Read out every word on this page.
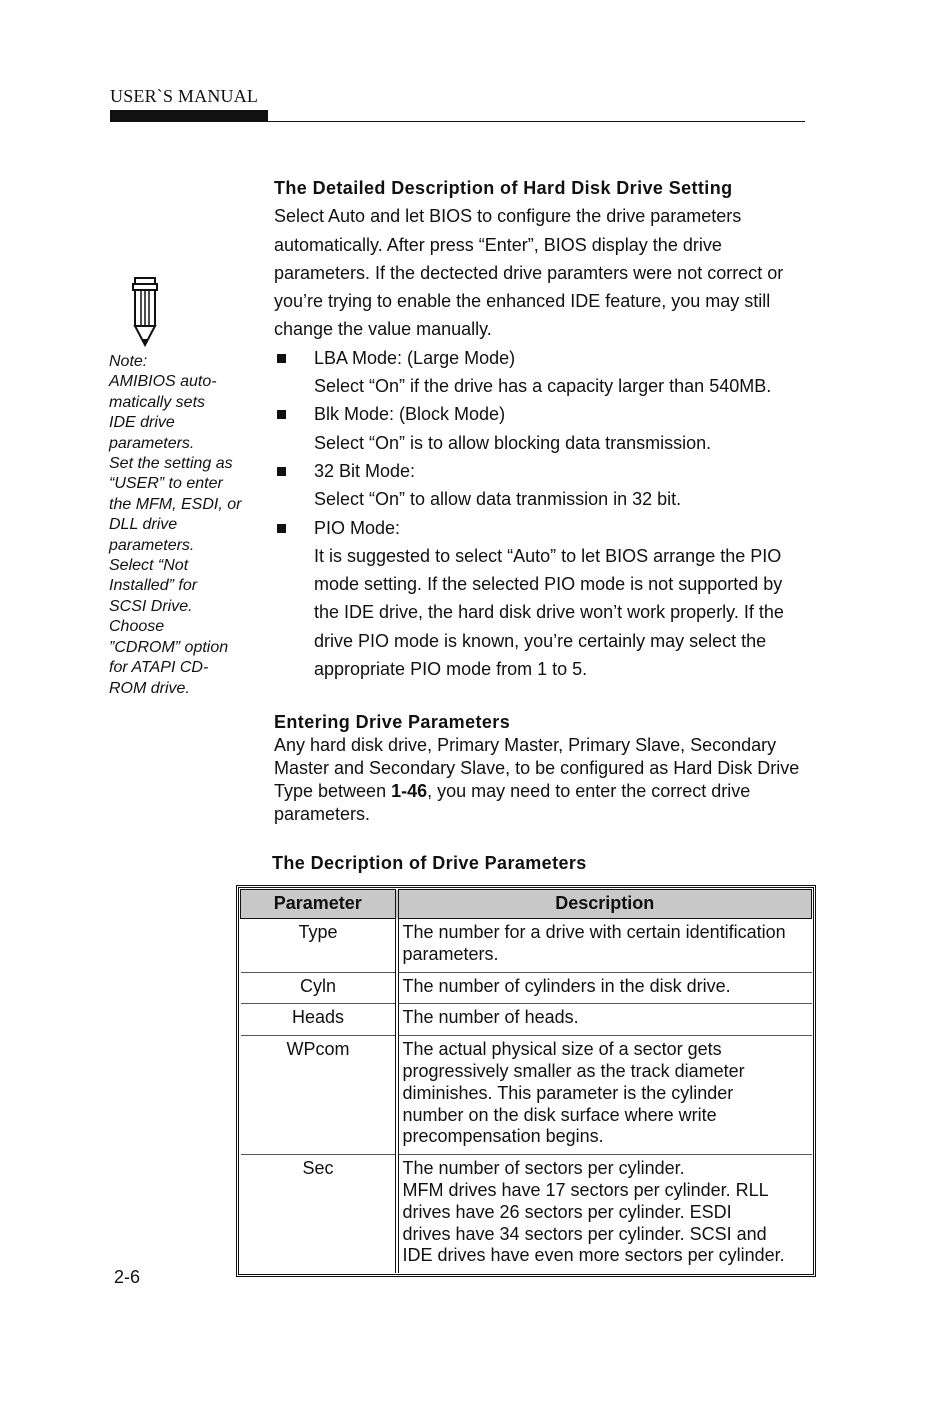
USER`S MANUAL
Note:
AMIBIOS auto-
matically sets
IDE drive
parameters.
Set the setting as
“USER” to enter
the MFM, ESDI, or
DLL drive
parameters.
Select “Not
Installed” for
SCSI Drive.
Choose
”CDROM” option
for ATAPI CD-
ROM drive.
The Detailed Description of Hard Disk Drive Setting
Select Auto and let BIOS to configure the drive parameters
automatically. After press “Enter”, BIOS display the drive
parameters. If the dectected drive paramters were not correct or
you’re trying to enable the enhanced IDE feature, you may still
change the value manually.
LBA Mode: (Large Mode)
Select “On” if the drive has a capacity larger than 540MB.
Blk Mode: (Block Mode)
Select “On” is to allow blocking data transmission.
32 Bit Mode:
Select “On” to allow data tranmission in 32 bit.
PIO Mode:
It is suggested to select “Auto” to let BIOS arrange the PIO
mode setting. If the selected PIO mode is not supported by
the IDE drive, the hard disk drive won’t work properly. If the
drive PIO mode is known, you’re certainly may select the
appropriate PIO mode from 1 to 5.
Entering Drive Parameters
Any hard disk drive, Primary Master, Primary Slave, Secondary
Master and Secondary Slave, to be configured as Hard Disk Drive
Type between 1-46, you may need to enter the correct drive
parameters.
The Decription of Drive Parameters
Parameter	Description
Type	The number for a drive with certain identification
parameters.

Cyln	The number of cylinders in the disk drive.

Heads	The number of heads.

WPcom	The actual physical size of a sector gets
progressively smaller as the track diameter
diminishes. This parameter is the cylinder
number on the disk surface where write
precompensation begins.

Sec	The number of sectors per cylinder.
MFM drives have 17 sectors per cylinder. RLL
drives have 26 sectors per cylinder. ESDI
drives have 34 sectors per cylinder. SCSI and
IDE drives have even more sectors per cylinder.
2-6
